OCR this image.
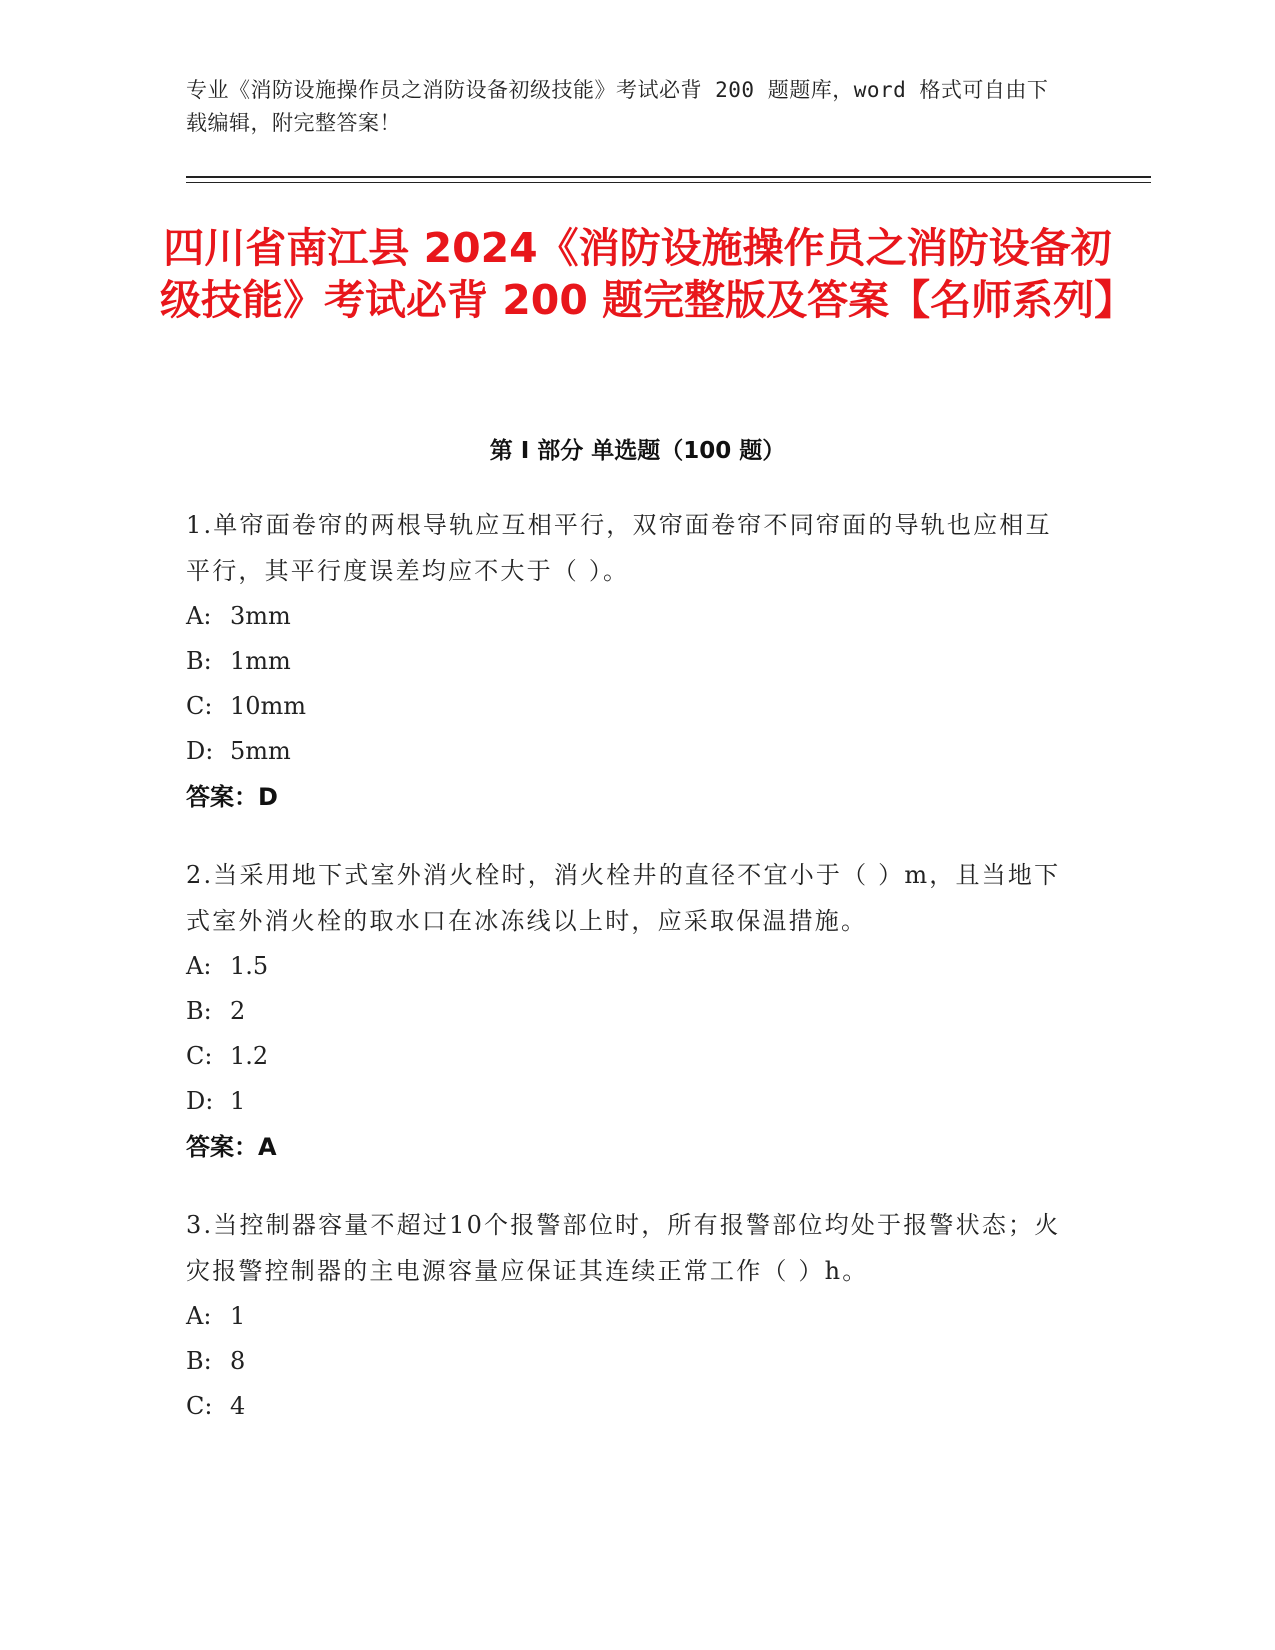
专业《消防设施操作员之消防设备初级技能》考试必背 200 题题库，word 格式可自由下载编辑，附完整答案！
四川省南江县 2024《消防设施操作员之消防设备初级技能》考试必背 200 题完整版及答案【名师系列】
第 I 部分 单选题（100 题）

1.单帘面卷帘的两根导轨应互相平行，双帘面卷帘不同帘面的导轨也应相互平行，其平行度误差均应不大于（ ）。

A: 3mm
B: 1mm
C: 10mm
D: 5mm
答案：D

2.当采用地下式室外消火栓时，消火栓井的直径不宜小于（ ）m，且当地下式室外消火栓的取水口在冰冻线以上时，应采取保温措施。

A: 1.5
B: 2
C: 1.2
D: 1
答案：A

3.当控制器容量不超过10个报警部位时，所有报警部位均处于报警状态；火灾报警控制器的主电源容量应保证其连续正常工作（ ）h。

A: 1
B: 8
C: 4
